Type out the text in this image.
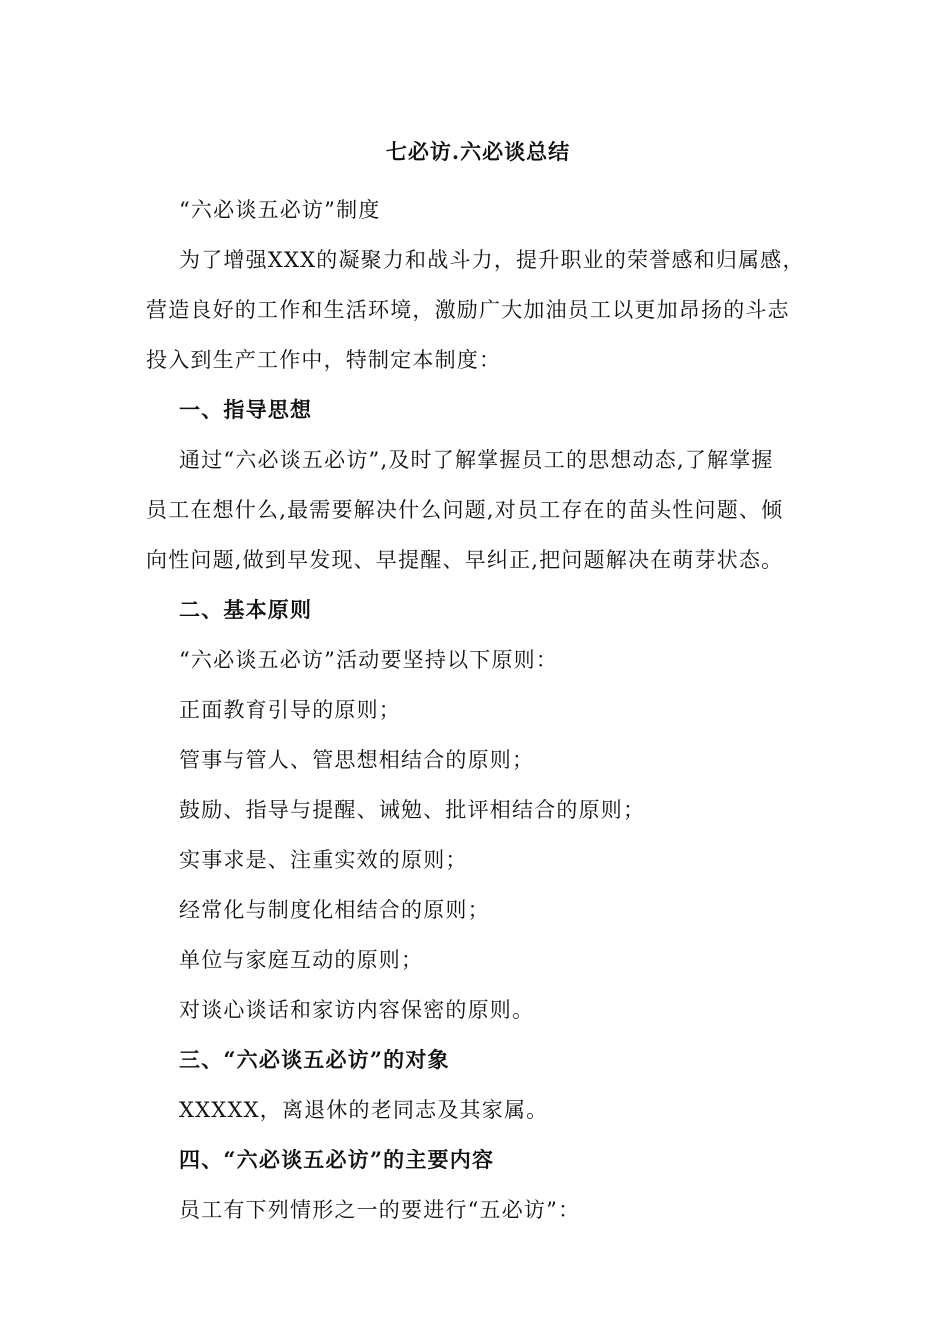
七必访.六必谈总结

“六必谈五必访”制度

为了增强XXX的凝聚力和战斗力，提升职业的荣誉感和归属感，

营造良好的工作和生活环境，激励广大加油员工以更加昂扬的斗志

投入到生产工作中，特制定本制度：

一、指导思想

通过“六必谈五必访”,及时了解掌握员工的思想动态,了解掌握

员工在想什么,最需要解决什么问题,对员工存在的苗头性问题、倾

向性问题,做到早发现、早提醒、早纠正,把问题解决在萌芽状态。

二、基本原则

“六必谈五必访”活动要坚持以下原则：

正面教育引导的原则；

管事与管人、管思想相结合的原则；

鼓励、指导与提醒、诫勉、批评相结合的原则；

实事求是、注重实效的原则；

经常化与制度化相结合的原则；

单位与家庭互动的原则；

对谈心谈话和家访内容保密的原则。

三、“六必谈五必访”的对象

XXXXX，离退休的老同志及其家属。

四、“六必谈五必访”的主要内容

员工有下列情形之一的要进行“五必访”：
